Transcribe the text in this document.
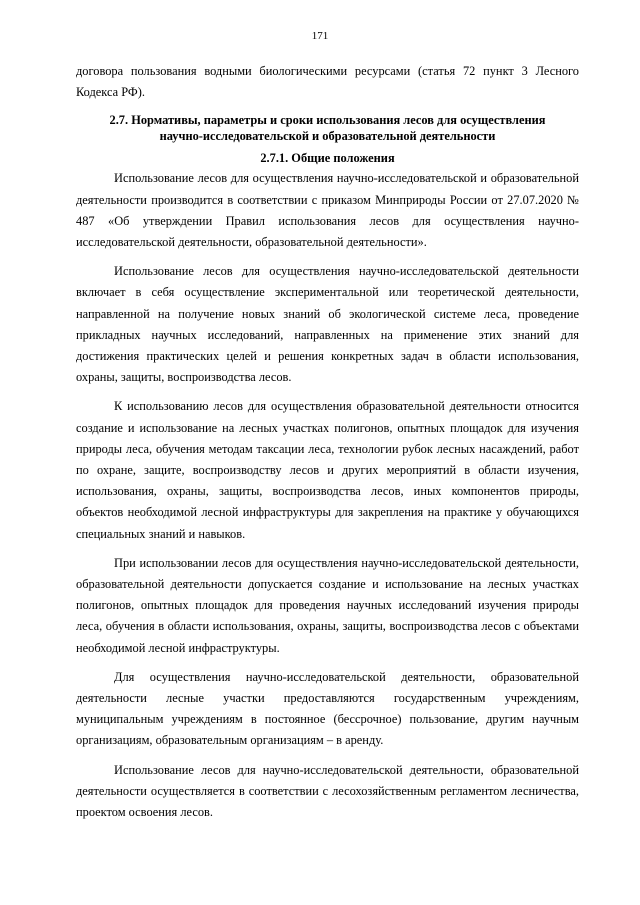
171

договора пользования водными биологическими ресурсами (статья 72 пункт 3 Лесного Кодекса РФ).

2.7. Нормативы, параметры и сроки использования лесов для осуществления
научно-исследовательской и образовательной деятельности
2.7.1. Общие положения

Использование лесов для осуществления научно-исследовательской и образовательной деятельности производится в соответствии с приказом Минприроды России от 27.07.2020 № 487 «Об утверждении Правил использования лесов для осуществления научно-исследовательской деятельности, образовательной деятельности».

Использование лесов для осуществления научно-исследовательской деятельности включает в себя осуществление экспериментальной или теоретической деятельности, направленной на получение новых знаний об экологической системе леса, проведение прикладных научных исследований, направленных на применение этих знаний для достижения практических целей и решения конкретных задач в области использования, охраны, защиты, воспроизводства лесов.

К использованию лесов для осуществления образовательной деятельности относится создание и использование на лесных участках полигонов, опытных площадок для изучения природы леса, обучения методам таксации леса, технологии рубок лесных насаждений, работ по охране, защите, воспроизводству лесов и других мероприятий в области изучения, использования, охраны, защиты, воспроизводства лесов, иных компонентов природы, объектов необходимой лесной инфраструктуры для закрепления на практике у обучающихся специальных знаний и навыков.

При использовании лесов для осуществления научно-исследовательской деятельности, образовательной деятельности допускается создание и использование на лесных участках полигонов, опытных площадок для проведения научных исследований изучения природы леса, обучения в области использования, охраны, защиты, воспроизводства лесов с объектами необходимой лесной инфраструктуры.

Для осуществления научно-исследовательской деятельности, образовательной деятельности лесные участки предоставляются государственным учреждениям, муниципальным учреждениям в постоянное (бессрочное) пользование, другим научным организациям, образовательным организациям – в аренду.

Использование лесов для научно-исследовательской деятельности, образовательной деятельности осуществляется в соответствии с лесохозяйственным регламентом лесничества, проектом освоения лесов.
